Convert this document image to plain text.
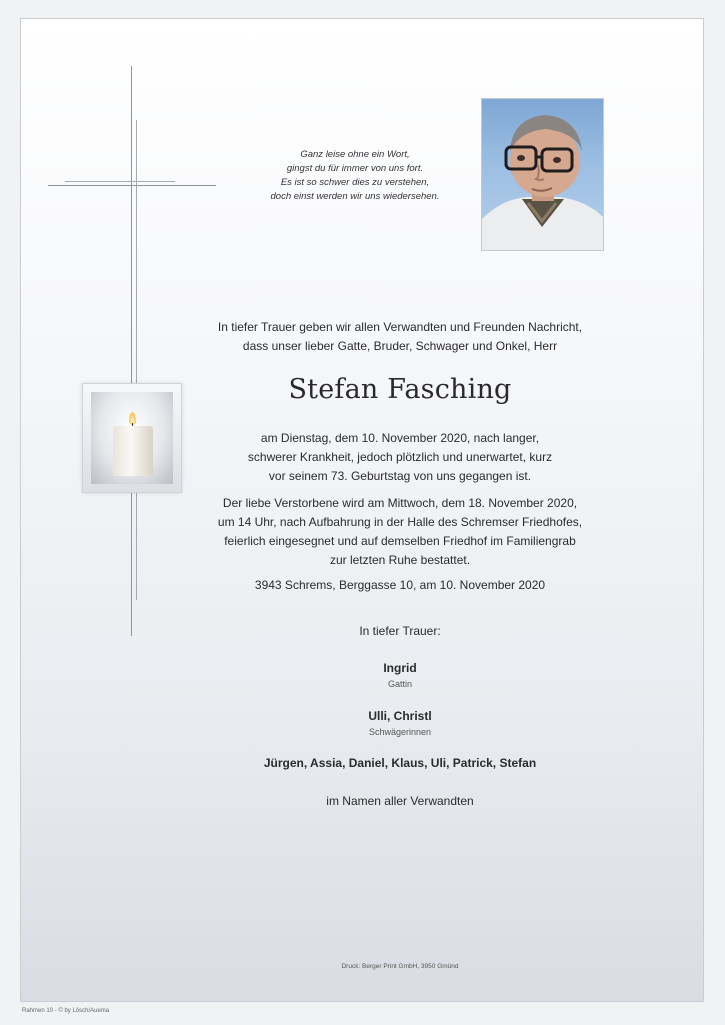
Ganz leise ohne ein Wort,
gingst du für immer von uns fort.
Es ist so schwer dies zu verstehen,
doch einst werden wir uns wiedersehen.
In tiefer Trauer geben wir allen Verwandten und Freunden Nachricht,
dass unser lieber Gatte, Bruder, Schwager und Onkel, Herr
Stefan Fasching
am Dienstag, dem 10. November 2020, nach langer,
schwerer Krankheit, jedoch plötzlich und unerwartet, kurz
vor seinem 73. Geburtstag von uns gegangen ist.
Der liebe Verstorbene wird am Mittwoch, dem 18. November 2020,
um 14 Uhr, nach Aufbahrung in der Halle des Schremser Friedhofes,
feierlich eingesegnet und auf demselben Friedhof im Familiengrab
zur letzten Ruhe bestattet.
3943 Schrems, Berggasse 10, am 10. November 2020
In tiefer Trauer:
Ingrid
Gattin
Ulli, Christl
Schwägerinnen
Jürgen, Assia, Daniel, Klaus, Uli, Patrick, Stefan
im Namen aller Verwandten
Druck: Berger Print GmbH, 3950 Gmünd
Rahmen 10 - © by Lösch/Auema
